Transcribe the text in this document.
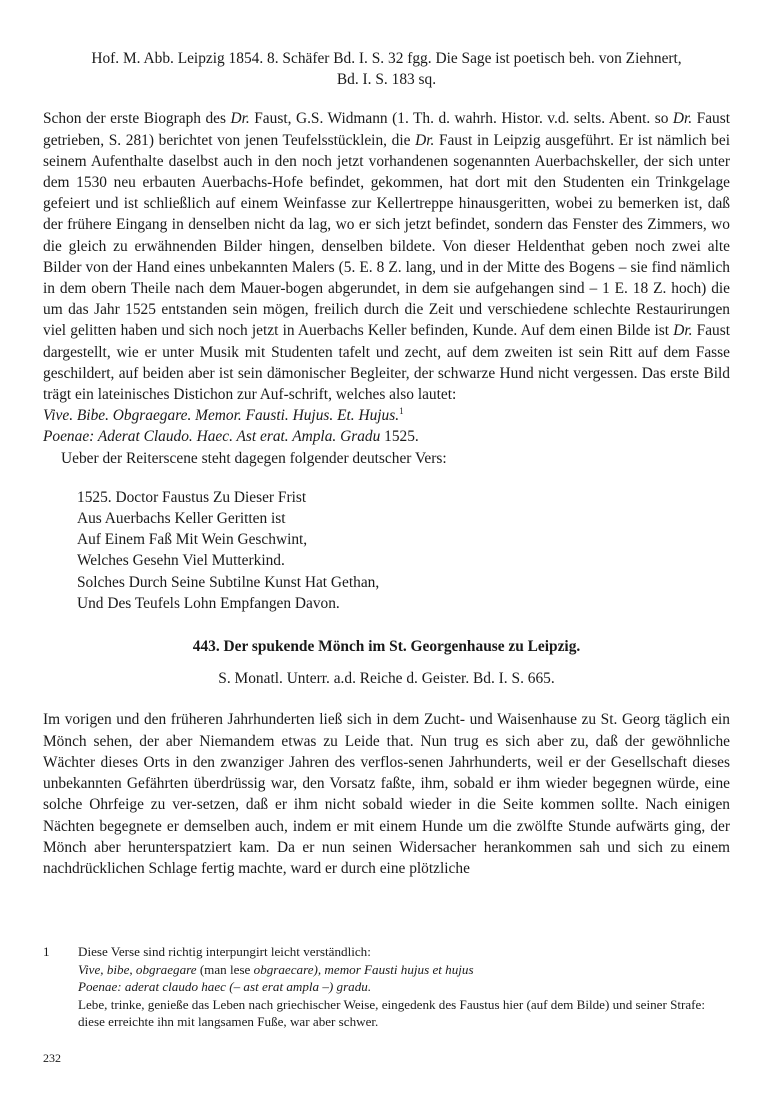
Hof. M. Abb. Leipzig 1854. 8. Schäfer Bd. I. S. 32 fgg. Die Sage ist poetisch beh. von Ziehnert, Bd. I. S. 183 sq.
Schon der erste Biograph des Dr. Faust, G.S. Widmann (1. Th. d. wahrh. Histor. v.d. selts. Abent. so Dr. Faust getrieben, S. 281) berichtet von jenen Teufelsstücklein, die Dr. Faust in Leipzig ausgeführt. Er ist nämlich bei seinem Aufenthalte daselbst auch in den noch jetzt vorhandenen sogenannten Auerbachskeller, der sich unter dem 1530 neu erbauten Auerbachs-Hofe befindet, gekommen, hat dort mit den Studenten ein Trinkgelage gefeiert und ist schließlich auf einem Weinfasse zur Kellertreppe hinausgeritten, wobei zu bemerken ist, daß der frühere Eingang in denselben nicht da lag, wo er sich jetzt befindet, sondern das Fenster des Zimmers, wo die gleich zu erwähnenden Bilder hingen, denselben bildete. Von dieser Heldenthat geben noch zwei alte Bilder von der Hand eines unbekannten Malers (5. E. 8 Z. lang, und in der Mitte des Bogens – sie find nämlich in dem obern Theile nach dem Mauer-bogen abgerundet, in dem sie aufgehangen sind – 1 E. 18 Z. hoch) die um das Jahr 1525 entstanden sein mögen, freilich durch die Zeit und verschiedene schlechte Restaurirungen viel gelitten haben und sich noch jetzt in Auerbachs Keller befinden, Kunde. Auf dem einen Bilde ist Dr. Faust dargestellt, wie er unter Musik mit Studenten tafelt und zecht, auf dem zweiten ist sein Ritt auf dem Fasse geschildert, auf beiden aber ist sein dämonischer Begleiter, der schwarze Hund nicht vergessen. Das erste Bild trägt ein lateinisches Distichon zur Auf-schrift, welches also lautet:
Vive. Bibe. Obgraegare. Memor. Fausti. Hujus. Et. Hujus.$^1$
Poenae: Aderat Claudo. Haec. Ast erat. Ampla. Gradu 1525.
Ueber der Reiterscene steht dagegen folgender deutscher Vers:
1525. Doctor Faustus Zu Dieser Frist
Aus Auerbachs Keller Geritten ist
Auf Einem Faß Mit Wein Geschwint,
Welches Gesehn Viel Mutterkind.
Solches Durch Seine Subtilne Kunst Hat Gethan,
Und Des Teufels Lohn Empfangen Davon.
443. Der spukende Mönch im St. Georgenhause zu Leipzig.
S. Monatl. Unterr. a.d. Reiche d. Geister. Bd. I. S. 665.
Im vorigen und den früheren Jahrhunderten ließ sich in dem Zucht- und Waisenhause zu St. Georg täglich ein Mönch sehen, der aber Niemandem etwas zu Leide that. Nun trug es sich aber zu, daß der gewöhnliche Wächter dieses Orts in den zwanziger Jahren des verflos-senen Jahrhunderts, weil er der Gesellschaft dieses unbekannten Gefährten überdrüssig war, den Vorsatz faßte, ihm, sobald er ihm wieder begegnen würde, eine solche Ohrfeige zu ver-setzen, daß er ihm nicht sobald wieder in die Seite kommen sollte. Nach einigen Nächten begegnete er demselben auch, indem er mit einem Hunde um die zwölfte Stunde aufwärts ging, der Mönch aber herunterspatziert kam. Da er nun seinen Widersacher herankommen sah und sich zu einem nachdrücklichen Schlage fertig machte, ward er durch eine plötzliche
1	Diese Verse sind richtig interpungirt leicht verständlich:
Vive, bibe, obgraegare (man lese obgraecare), memor Fausti hujus et hujus
Poenae: aderat claudo haec (– ast erat ampla –) gradu.
Lebe, trinke, genieße das Leben nach griechischer Weise, eingedenk des Faustus hier (auf dem Bilde) und seiner Strafe: diese erreichte ihn mit langsamen Fuße, war aber schwer.
232
